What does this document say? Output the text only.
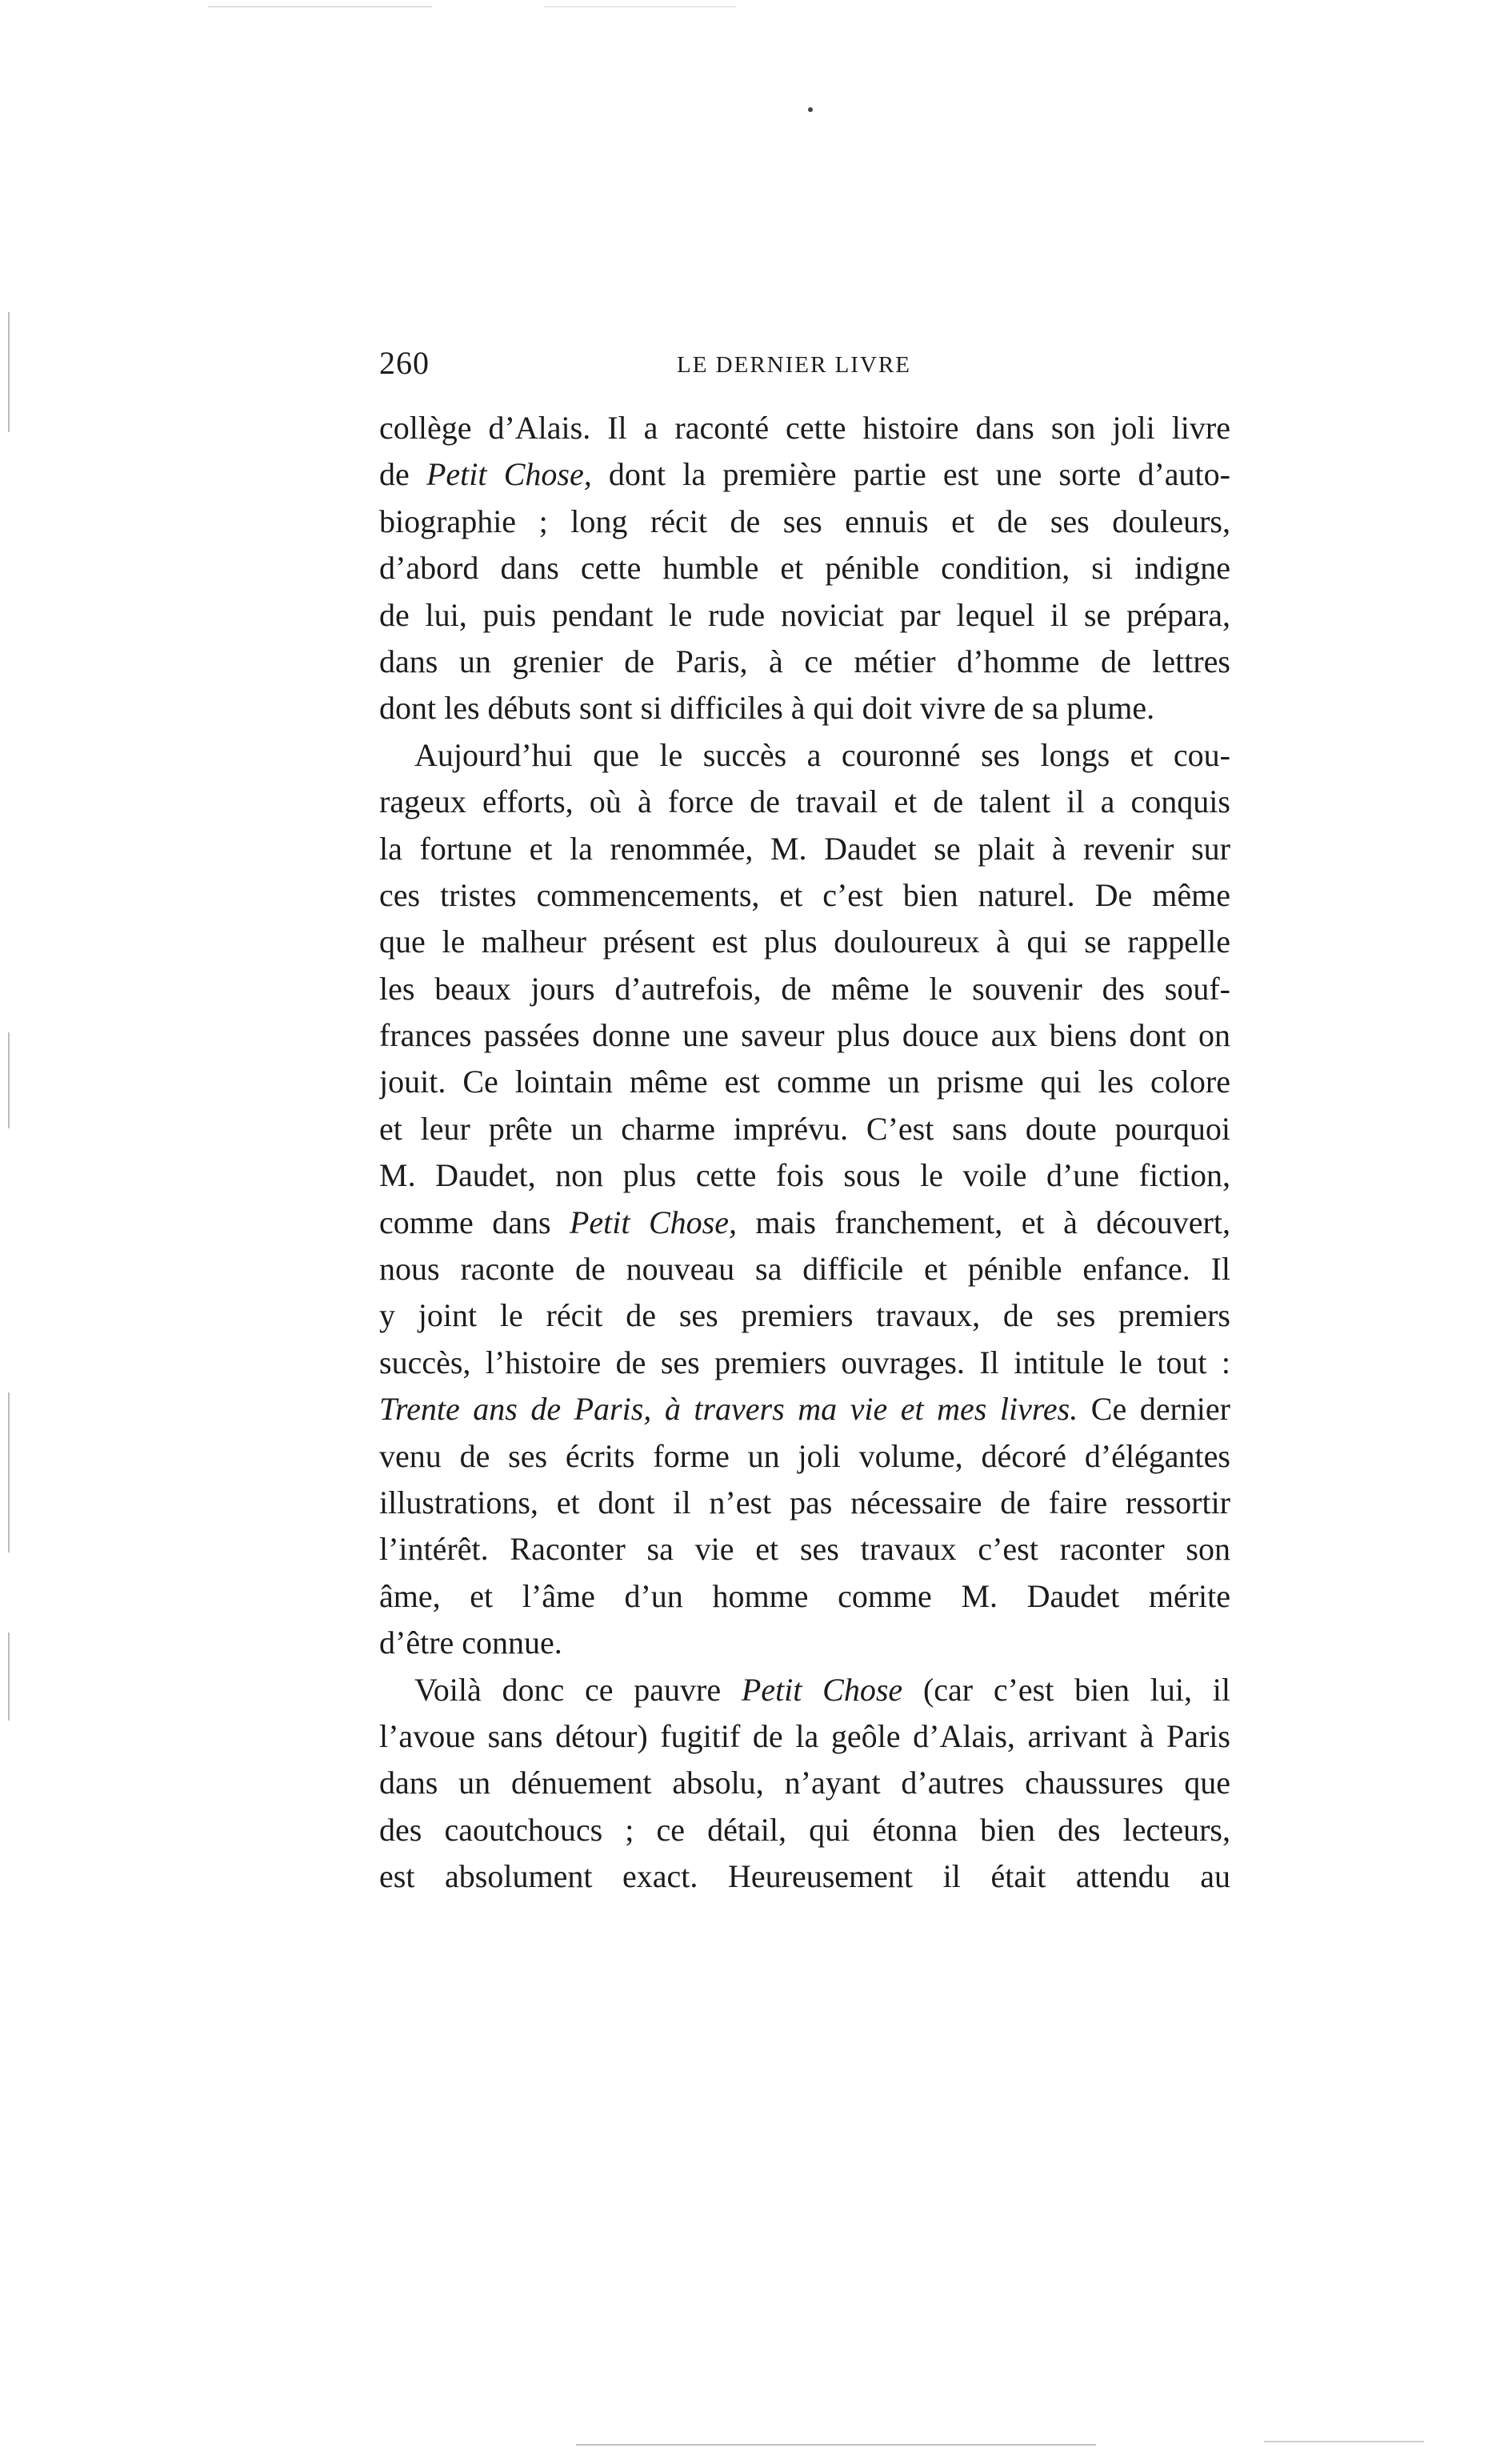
260	LE DERNIER LIVRE
collège d’Alais. Il a raconté cette histoire dans son joli livre
de Petit Chose, dont la première partie est une sorte d’auto-
biographie ; long récit de ses ennuis et de ses douleurs,
d’abord dans cette humble et pénible condition, si indigne
de lui, puis pendant le rude noviciat par lequel il se prépara,
dans un grenier de Paris, à ce métier d’homme de lettres
dont les débuts sont si difficiles à qui doit vivre de sa plume.
Aujourd’hui que le succès a couronné ses longs et cou-
rageux efforts, où à force de travail et de talent il a conquis
la fortune et la renommée, M. Daudet se plait à revenir sur
ces tristes commencements, et c’est bien naturel. De même
que le malheur présent est plus douloureux à qui se rappelle
les beaux jours d’autrefois, de même le souvenir des souf-
frances passées donne une saveur plus douce aux biens dont on
jouit. Ce lointain même est comme un prisme qui les colore
et leur prête un charme imprévu. C’est sans doute pourquoi
M. Daudet, non plus cette fois sous le voile d’une fiction,
comme dans Petit Chose, mais franchement, et à découvert,
nous raconte de nouveau sa difficile et pénible enfance. Il
y joint le récit de ses premiers travaux, de ses premiers
succès, l’histoire de ses premiers ouvrages. Il intitule le tout :
Trente ans de Paris, à travers ma vie et mes livres. Ce dernier
venu de ses écrits forme un joli volume, décoré d’élégantes
illustrations, et dont il n’est pas nécessaire de faire ressortir
l’intérêt. Raconter sa vie et ses travaux c’est raconter son
âme, et l’âme d’un homme comme M. Daudet mérite
d’être connue.
Voilà donc ce pauvre Petit Chose (car c’est bien lui, il
l’avoue sans détour) fugitif de la geôle d’Alais, arrivant à Paris
dans un dénuement absolu, n’ayant d’autres chaussures que
des caoutchoucs ; ce détail, qui étonna bien des lecteurs,
est absolument exact. Heureusement il était attendu au
